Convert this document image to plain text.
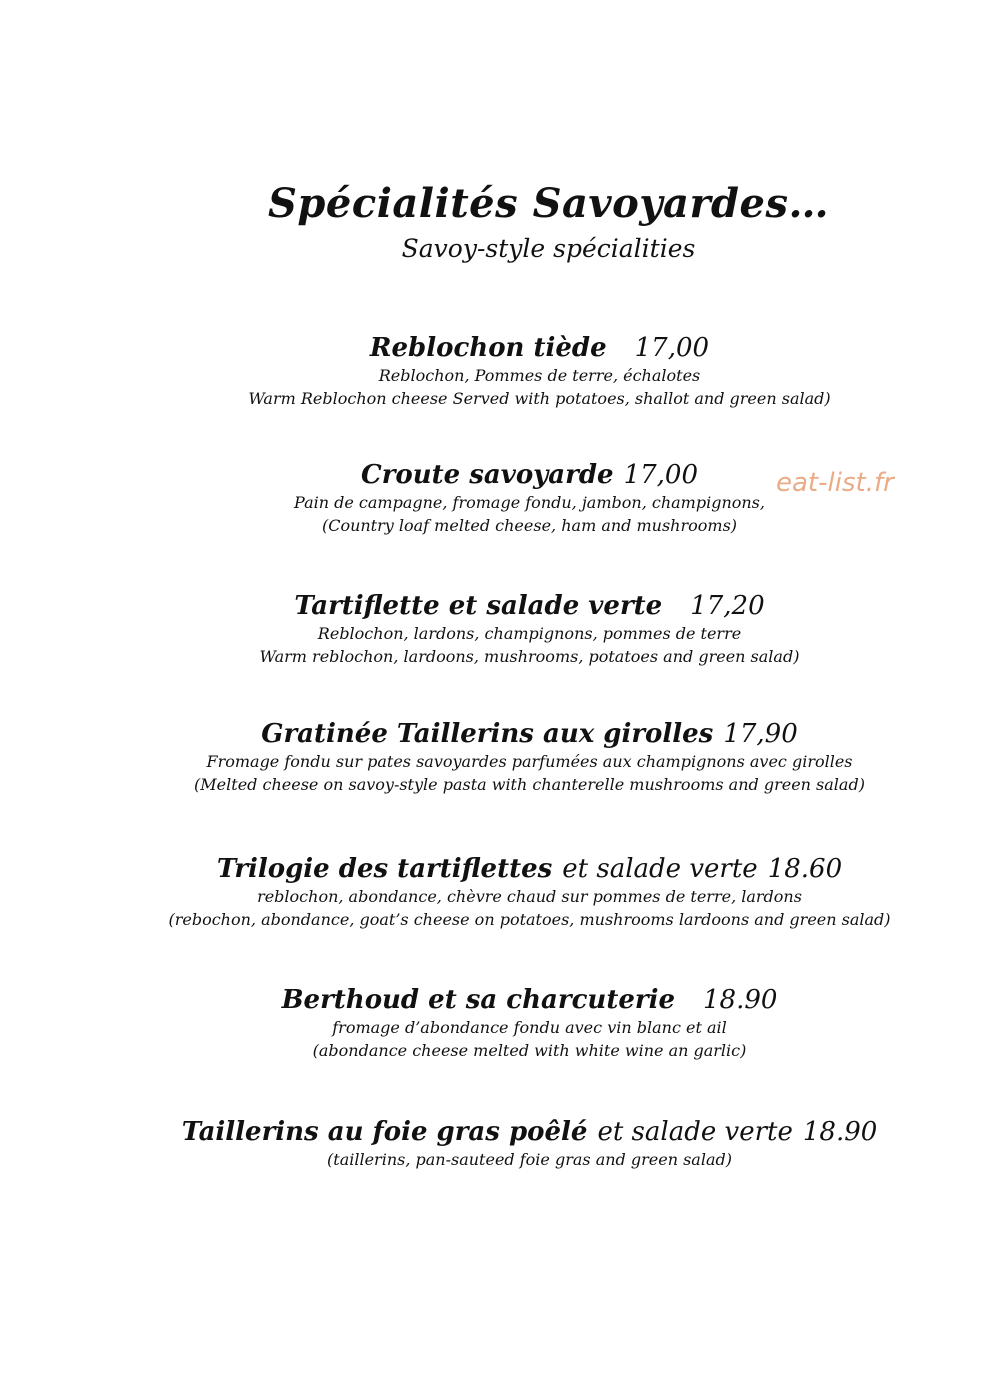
Spécialités Savoyardes…
Savoy-style spécialities
Reblochon tiède 17,00
Reblochon, Pommes de terre, échalotes
Warm Reblochon cheese Served with potatoes, shallot and green salad)
Croute savoyarde 17,00
Pain de campagne, fromage fondu, jambon, champignons,
(Country loaf melted cheese, ham and mushrooms)
Tartiflette et salade verte 17,20
Reblochon, lardons, champignons, pommes de terre
Warm reblochon, lardoons, mushrooms, potatoes and green salad)
Gratinée Taillerins aux girolles 17,90
Fromage fondu sur pates savoyardes parfumées aux champignons avec girolles
(Melted cheese on savoy-style pasta with chanterelle mushrooms and green salad)
Trilogie des tartiflettes et salade verte 18.60
reblochon, abondance, chèvre chaud sur pommes de terre, lardons
(rebochon, abondance, goat’s cheese on potatoes, mushrooms lardoons and green salad)
Berthoud et sa charcuterie 18.90
fromage d’abondance fondu avec vin blanc et ail
(abondance cheese melted with white wine an garlic)
Taillerins au foie gras poêlé et salade verte 18.90
(taillerins, pan-sauteed foie gras and green salad)
eat-list.fr
